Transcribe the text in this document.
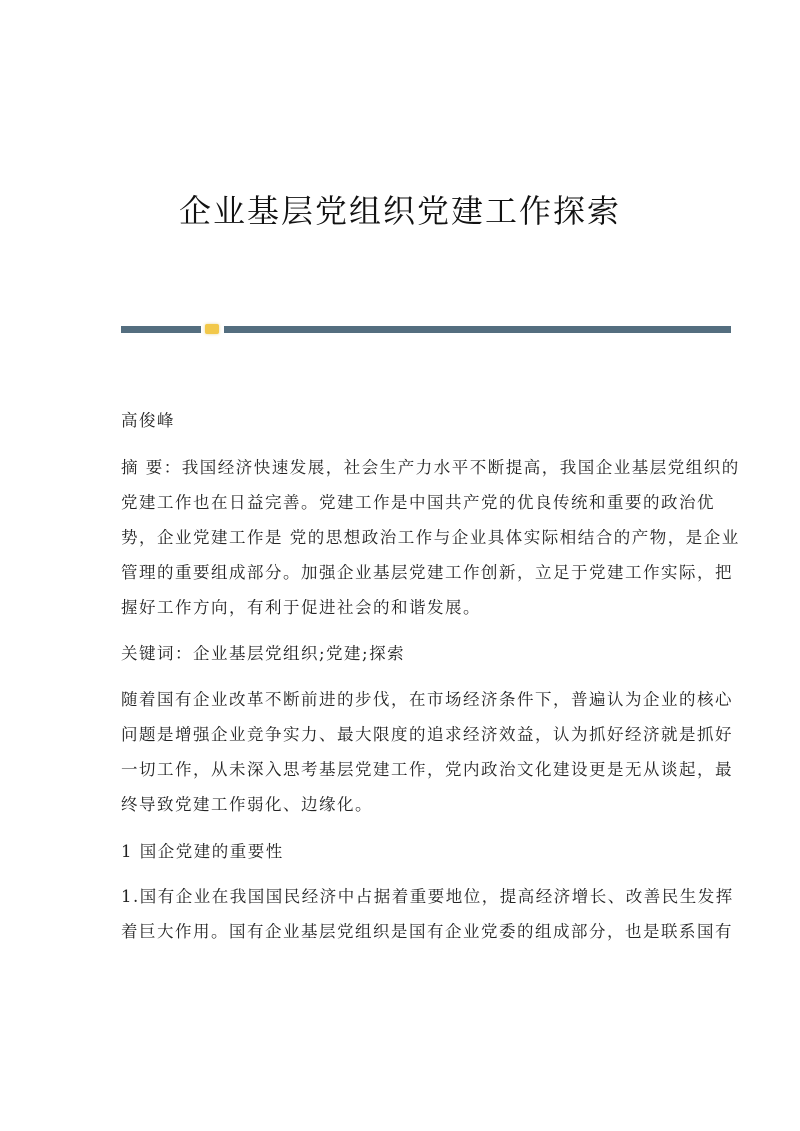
企业基层党组织党建工作探索
高俊峰
摘 要：我国经济快速发展，社会生产力水平不断提高，我国企业基层党组织的
党建工作也在日益完善。党建工作是中国共产党的优良传统和重要的政治优
势，企业党建工作是 党的思想政治工作与企业具体实际相结合的产物，是企业
管理的重要组成部分。加强企业基层党建工作创新，立足于党建工作实际，把
握好工作方向，有利于促进社会的和谐发展。
关键词：企业基层党组织;党建;探索
随着国有企业改革不断前进的步伐，在市场经济条件下，普遍认为企业的核心
问题是增强企业竞争实力、最大限度的追求经济效益，认为抓好经济就是抓好
一切工作，从未深入思考基层党建工作，党内政治文化建设更是无从谈起，最
终导致党建工作弱化、边缘化。
1 国企党建的重要性
1.国有企业在我国国民经济中占据着重要地位，提高经济增长、改善民生发挥
着巨大作用。国有企业基层党组织是国有企业党委的组成部分，也是联系国有
